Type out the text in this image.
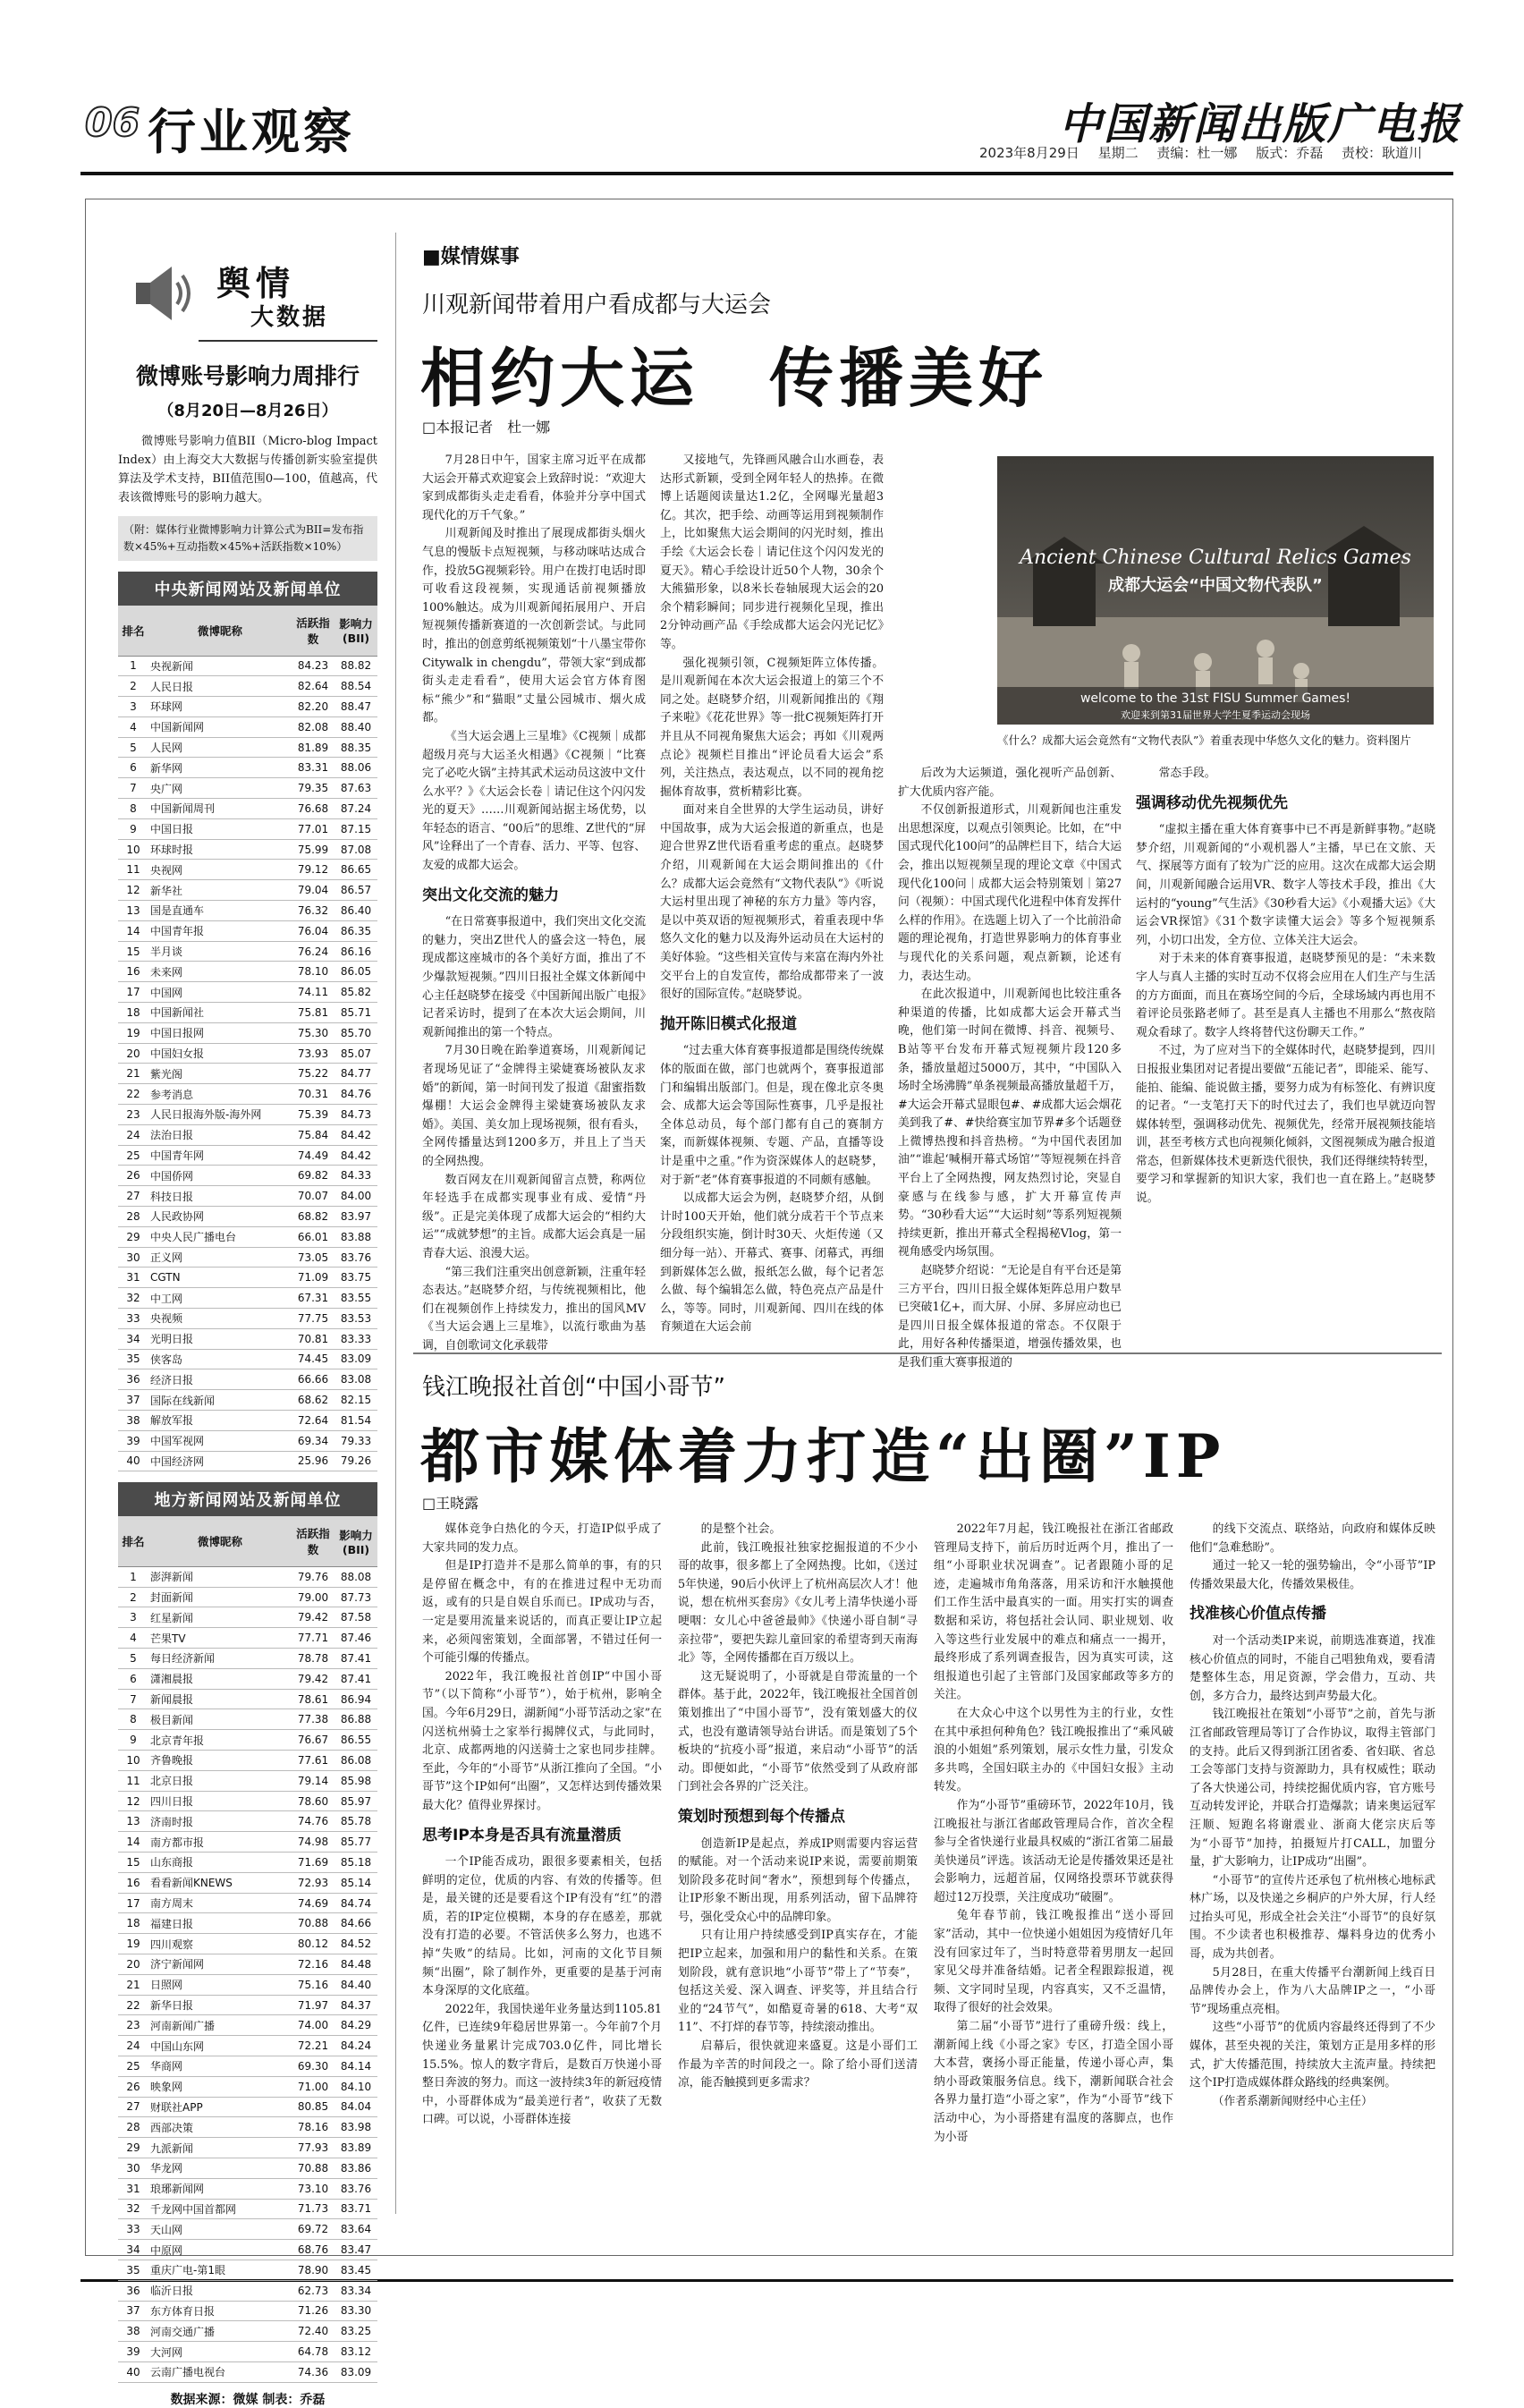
06 行业观察	中国新闻出版广电报
2023年8月29日 星期二 责编：杜一娜 版式：乔磊 责校：耿道川
舆情
大数据
微博账号影响力周排行
（8月20日—8月26日）
微博账号影响力值BII（Micro-blog Impact Index）由上海交大大数据与传播创新实验室提供算法及学术支持，BII值范围0—100，值越高，代表该微博账号的影响力越大。
（附：媒体行业微博影响力计算公式为BII=发布指数×45%+互动指数×45%+活跃指数×10%）
中央新闻网站及新闻单位
排名	微博昵称	活跃指数	影响力(BII)
1	央视新闻	84.23	88.82
2	人民日报	82.64	88.54
3	环球网	82.20	88.47
4	中国新闻网	82.08	88.40
5	人民网	81.89	88.35
6	新华网	83.31	88.06
7	央广网	79.35	87.63
8	中国新闻周刊	76.68	87.24
9	中国日报	77.01	87.15
10	环球时报	75.99	87.08
11	央视网	79.12	86.65
12	新华社	79.04	86.57
13	国是直通车	76.32	86.40
14	中国青年报	76.04	86.35
15	半月谈	76.24	86.16
16	未来网	78.10	86.05
17	中国网	74.11	85.82
18	中国新闻社	75.81	85.71
19	中国日报网	75.30	85.70
20	中国妇女报	73.93	85.07
21	紫光阁	75.22	84.77
22	参考消息	70.31	84.76
23	人民日报海外版-海外网	75.39	84.73
24	法治日报	75.84	84.42
25	中国青年网	74.49	84.42
26	中国侨网	69.82	84.33
27	科技日报	70.07	84.00
28	人民政协网	68.82	83.97
29	中央人民广播电台	66.01	83.88
30	正义网	73.05	83.76
31	CGTN	71.09	83.75
32	中工网	67.31	83.55
33	央视频	77.75	83.53
34	光明日报	70.81	83.33
35	侠客岛	74.45	83.09
36	经济日报	66.66	83.08
37	国际在线新闻	68.62	82.15
38	解放军报	72.64	81.54
39	中国军视网	69.34	79.33
40	中国经济网	25.96	79.26
地方新闻网站及新闻单位
排名	微博昵称	活跃指数	影响力(BII)
1	澎湃新闻	79.76	88.08
2	封面新闻	79.00	87.73
3	红星新闻	79.42	87.58
4	芒果TV	77.71	87.46
5	每日经济新闻	78.78	87.41
6	潇湘晨报	79.42	87.41
7	新闻晨报	78.61	86.94
8	极目新闻	77.38	86.88
9	北京青年报	76.67	86.55
10	齐鲁晚报	77.61	86.08
11	北京日报	79.14	85.98
12	四川日报	78.60	85.97
13	济南时报	74.76	85.78
14	南方都市报	74.98	85.77
15	山东商报	71.69	85.18
16	看看新闻KNEWS	72.93	85.14
17	南方周末	74.69	84.74
18	福建日报	70.88	84.66
19	四川观察	80.12	84.52
20	济宁新闻网	72.16	84.48
21	日照网	75.16	84.40
22	新华日报	71.97	84.37
23	河南新闻广播	74.00	84.29
24	中国山东网	72.21	84.24
25	华商网	69.30	84.14
26	映象网	71.00	84.10
27	财联社APP	80.85	84.04
28	西部决策	78.16	83.98
29	九派新闻	77.93	83.89
30	华龙网	70.88	83.86
31	琅琊新闻网	73.10	83.76
32	千龙网中国首都网	71.73	83.71
33	天山网	69.72	83.64
34	中原网	68.76	83.47
35	重庆广电-第1眼	78.90	83.45
36	临沂日报	62.73	83.34
37	东方体育日报	71.26	83.30
38	河南交通广播	72.40	83.25
39	大河网	64.78	83.12
40	云南广播电视台	74.36	83.09
数据来源：微媒 制表：乔磊
■媒情媒事
川观新闻带着用户看成都与大运会
相约大运　传播美好
□本报记者　杜一娜

7月28日中午，国家主席习近平在成都大运会开幕式欢迎宴会上致辞时说：“欢迎大家到成都街头走走看看，体验并分享中国式现代化的万千气象。”

川观新闻及时推出了展现成都街头烟火气息的慢版卡点短视频，与移动咪咕达成合作，投放5G视频彩铃。用户在拨打电话时即可收看这段视频，实现通话前视频播放100%触达。成为川观新闻拓展用户、开启短视频传播新赛道的一次创新尝试。与此同时，推出的创意剪纸视频策划“十八墨宝带你Citywalk in chengdu”，带领大家“到成都街头走走看看”，使用大运会官方体育图标“熊少”和“猫眼”丈量公园城市、烟火成都。

《当大运会遇上三星堆》《C视频｜成都超级月亮与大运圣火相遇》《C视频｜“比赛完了必吃火锅”主持其武术运动员这波中文什么水平？》《大运会长卷｜请记住这个闪闪发光的夏天》……川观新闻站据主场优势，以年轻态的语言、“00后”的思维、Z世代的“屏风”诠释出了一个青春、活力、平等、包容、友爱的成都大运会。

突出文化交流的魅力

“在日常赛事报道中，我们突出文化交流的魅力，突出Z世代人的盛会这一特色，展现成都这座城市的各个美好方面，推出了不少爆款短视频。”四川日报社全媒文体新闻中心主任赵晓梦在接受《中国新闻出版广电报》记者采访时，提到了在本次大运会期间，川观新闻推出的第一个特点。

7月30日晚在跆拳道赛场，川观新闻记者现场见证了“金牌得主梁婕赛场被队友求婚”的新闻，第一时间刊发了报道《甜蜜指数爆棚！大运会金牌得主梁婕赛场被队友求婚》。美国、美女加上现场视频，很有看头，全网传播量达到1200多万，并且上了当天的全网热搜。

数百网友在川观新闻留言点赞，称两位年轻选手在成都实现事业有成、爱情“丹级”。正是完美体现了成都大运会的“相约大运”“成就梦想”的主旨。成都大运会真是一届青春大运、浪漫大运。

“第三我们注重突出创意新颖，注重年轻态表达。”赵晓梦介绍，与传统视频相比，他们在视频创作上持续发力，推出的国风MV《当大运会遇上三星堆》，以流行歌曲为基调，自创歌词文化承载带

又接地气，先锋画风融合山水画卷，表达形式新颖，受到全网年轻人的热捧。在微博上话题阅读量达1.2亿，全网曝光量超3亿。其次，把手绘、动画等运用到视频制作上，比如聚焦大运会期间的闪光时刻，推出手绘《大运会长卷｜请记住这个闪闪发光的夏天》。精心手绘设计近50个人物，30余个大熊猫形象，以8米长卷轴展现大运会的20余个精彩瞬间；同步进行视频化呈现，推出2分钟动画产品《手绘成都大运会闪光记忆》等。

强化视频引领，C视频矩阵立体传播。是川观新闻在本次大运会报道上的第三个不同之处。赵晓梦介绍，川观新闻推出的《翔子来啦》《花花世界》等一批C视频矩阵打开并且从不同视角聚焦大运会；再如《川观两点论》视频栏目推出“评论员看大运会”系列，关注热点，表达观点，以不同的视角挖掘体育故事，赏析精彩比赛。

面对来自全世界的大学生运动员，讲好中国故事，成为大运会报道的新重点，也是迎合世界Z世代语看重考虑的重点。赵晓梦介绍，川观新闻在大运会期间推出的《什么？成都大运会竟然有“文物代表队”》《听说大运村里出现了神秘的东方力量》等内容，是以中英双语的短视频形式，着重表现中华悠久文化的魅力以及海外运动员在大运村的美好体验。“这些相关宣传与来富在海内外社交平台上的自发宣传，都给成都带来了一波很好的国际宣传。”赵晓梦说。

抛开陈旧模式化报道

“过去重大体育赛事报道都是围绕传统媒体的版面在做，部门也就两个，赛事报道部门和编辑出版部门。但是，现在像北京冬奥会、成都大运会等国际性赛事，几乎是报社全体总动员，每个部门都有自己的赛制方案，而新媒体视频、专题、产品，直播等设计是重中之重。”作为资深媒体人的赵晓梦，对于新“老”体育赛事报道的不同颇有感触。

以成都大运会为例，赵晓梦介绍，从倒计时100天开始，他们就分成若干个节点来分段组织实施，倒计时30天、火炬传递（又细分每一站）、开幕式、赛事、闭幕式，再细到新媒体怎么做，报纸怎么做，每个记者怎么做、每个编辑怎么做，特色亮点产品是什么，等等。同时，川观新闻、四川在线的体育频道在大运会前

Ancient Chinese Cultural Relics Games
成都大运会“中国文物代表队”
welcome to the 31st FISU Summer Games!
欢迎来到第31届世界大学生夏季运动会现场
《什么？成都大运会竟然有“文物代表队”》着重表现中华悠久文化的魅力。资料图片

后改为大运频道，强化视听产品创新、扩大优质内容产能。

不仅创新报道形式，川观新闻也注重发出思想深度，以观点引领舆论。比如，在“中国式现代化100问”的品牌栏目下，结合大运会，推出以短视频呈现的理论文章《中国式现代化100问｜成都大运会特别策划｜第27问（视频）：中国式现代化进程中体育发挥什么样的作用》。在选题上切入了一个比前沿命题的理论视角，打造世界影响力的体育事业与现代化的关系问题，观点新颖，论述有力，表达生动。

在此次报道中，川观新闻也比较注重各种渠道的传播，比如成都大运会开幕式当晚，他们第一时间在微博、抖音、视频号、B站等平台发布开幕式短视频片段120多条，播放量超过5000万，其中，“中国队入场时全场沸腾”单条视频最高播放量超千万，#大运会开幕式显眼包#、#成都大运会烟花美到我了#、#快给赛宝加节界#多个话题登上微博热搜和抖音热榜。“为中国代表团加油”“谁起‘喊桐开幕式场馆’”等短视频在抖音平台上了全网热搜，网友热烈讨论，突显自豪感与在线参与感，扩大开幕宣传声势。“30秒看大运”“大运时刻”等系列短视频持续更新，推出开幕式全程揭秘Vlog，第一视角感受内场氛围。

赵晓梦介绍说：“无论是自有平台还是第三方平台，四川日报全媒体矩阵总用户数早已突破1亿+，而大屏、小屏、多屏应动也已是四川日报全媒体报道的常态。不仅限于此，用好各种传播渠道，增强传播效果，也是我们重大赛事报道的

常态手段。

强调移动优先视频优先

“虚拟主播在重大体育赛事中已不再是新鲜事物。”赵晓梦介绍，川观新闻的“小观机器人”主播，早已在文旅、天气、探展等方面有了较为广泛的应用。这次在成都大运会期间，川观新闻融合运用VR、数字人等技术手段，推出《大运村的“young”气生活》《30秒看大运》《小观播大运》《大运会VR探馆》《31个数字读懂大运会》等多个短视频系列，小切口出发，全方位、立体关注大运会。

对于未来的体育赛事报道，赵晓梦预见的是：“未来数字人与真人主播的实时互动不仅将会应用在人们生产与生活的方方面面，而且在赛场空间的今后，全球场域内再也用不着评论员张路老师了。甚至是真人主播也不用那么“熬夜陪观众看球了。数字人终将替代这份聊天工作。”

不过，为了应对当下的全媒体时代，赵晓梦提到，四川日报报业集团对记者提出要做“五能记者”，即能采、能写、能拍、能编、能说做主播，要努力成为有标签化、有辨识度的记者。“一支笔打天下的时代过去了，我们也早就迈向智媒体转型，强调移动优先、视频优先，经常开展视频技能培训，甚至考核方式也向视频化倾斜，文图视频成为融合报道常态，但新媒体技术更新迭代很快，我们还得继续特转型，要学习和掌握新的知识大家，我们也一直在路上。”赵晓梦说。

钱江晚报社首创“中国小哥节”
都市媒体着力打造“出圈”IP
□王晓露

媒体竞争白热化的今天，打造IP似乎成了大家共同的发力点。

但是IP打造并不是那么简单的事，有的只是停留在概念中，有的在推进过程中无功而返，或有的只是自娱自乐而已。IP成功与否，一定是要用流量来说话的，而真正要让IP立起来，必须闯密策划，全面部署，不错过任何一个可能引爆的传播点。

2022年，我江晚报社首创IP“中国小哥节”（以下简称“小哥节”），始于杭州，影响全国。今年6月29日，湖新闻“小哥节活动之家”在闪送杭州骑士之家举行揭牌仪式，与此同时，北京、成都两地的闪送骑士之家也同步挂牌。至此，今年的“小哥节”从浙江推向了全国。“小哥节”这个IP如何“出圈”，又怎样达到传播效果最大化？值得业界探讨。

思考IP本身是否具有流量潜质

一个IP能否成功，跟很多要素相关，包括鲜明的定位，优质的内容、有效的传播等。但是，最关键的还是要看这个IP有没有“红”的潜质，若的IP定位模糊，本身的存在感差，那就没有打造的必要。不管活侠多么努力，也逃不掉“失败”的结局。比如，河南的文化节目频频“出圈”，除了制作外，更重要的是基于河南本身深厚的文化底蕴。

2022年，我国快递年业务量达到1105.81亿件，已连续9年稳居世界第一。今年前7个月快递业务量累计完成703.0亿件，同比增长15.5%。惊人的数字背后，是数百万快递小哥整日奔波的努力。而这一波持续3年的新冠疫情中，小哥群体成为“最美逆行者”，收获了无数口碑。可以说，小哥群体连接

的是整个社会。

此前，钱江晚报社独家挖掘报道的不少小哥的故事，很多都上了全网热搜。比如，《送过5年快递，90后小伙评上了杭州高层次人才！他说，想在杭州买套房》《女儿考上清华快递小哥哽咽：女儿心中爸爸最帅》《快递小哥自制“寻亲拉带”，要把失踪儿童回家的希望寄到天南海北》等，全网传播都在百万级以上。

这无疑说明了，小哥就是自带流量的一个群体。基于此，2022年，钱江晚报社全国首创策划推出了“中国小哥节”，没有策划盛大的仪式，也没有邀请领导站台讲话。而是策划了5个板块的“抗疫小哥”报道，来启动“小哥节”的活动。即便如此，“小哥节”依然受到了从政府部门到社会各界的广泛关注。

策划时预想到每个传播点

创造新IP是起点，养成IP则需要内容运营的赋能。对一个活动来说IP来说，需要前期策划阶段多花时间“奢水”，预想到每个传播点，让IP形象不断出现，用系列活动，留下品牌符号，强化受众心中的品牌印象。

只有让用户持续感受到IP真实存在，才能把IP立起来，加强和用户的黏性和关系。在策划阶段，就有意识地“小哥节”带上了“节奏”，包括这关爱、深入调查、评奖等，并且结合行业的“24节气”，如酷夏奇暑的618、大考“双11”、不打烊的春节等，持续滚动推出。

启幕后，很快就迎来盛夏。这是小哥们工作最为辛苦的时间段之一。除了给小哥们送清凉，能否触摸到更多需求？

2022年7月起，钱江晚报社在浙江省邮政管理局支持下，前后历时近两个月，推出了一组“小哥职业状况调查”。记者跟随小哥的足迹，走遍城市角角落落，用采访和汗水触摸他们工作生活中最真实的一面。用实打实的调查数据和采访，将包括社会认同、职业规划、收入等这些行业发展中的难点和痛点一一揭开，最终形成了系列调查报告，因为真实可读，这组报道也引起了主管部门及国家邮政等多方的关注。

在大众心中这个以男性为主的行业，女性在其中承担何种角色？钱江晚报推出了“乘风破浪的小姐姐”系列策划，展示女性力量，引发众多共鸣，全国妇联主办的《中国妇女报》主动转发。

作为“小哥节”重磅环节，2022年10月，钱江晚报社与浙江省邮政管理局合作，首次全程参与全省快递行业最具权威的“浙江省第二届最美快递员”评选。该活动无论是传播效果还是社会影响力，远超首届，仅网络投票环节就获得超过12万投票，关注度成功“破圈”。

兔年春节前，钱江晚报推出“送小哥回家”活动，其中一位快递小姐姐因为疫情好几年没有回家过年了，当时特意带着男朋友一起回家见父母并准备结婚。记者全程跟踪报道，视频、文字同时呈现，内容真实，又不乏温情，取得了很好的社会效果。

第二届“小哥节”进行了重磅升级：线上，潮新闻上线《小哥之家》专区，打造全国小哥大本营，褒扬小哥正能量，传递小哥心声，集纳小哥政策服务信息。线下，潮新闻联合社会各界力量打造“小哥之家”，作为“小哥节”线下活动中心，为小哥搭建有温度的落脚点，也作为小哥

的线下交流点、联络站，向政府和媒体反映他们“急难愁盼”。

通过一轮又一轮的强势输出，令“小哥节”IP传播效果最大化，传播效果极佳。

找准核心价值点传播

对一个活动类IP来说，前期选准赛道，找准核心价值点的同时，不能自己唱独角戏，要看清楚整体生态，用足资源，学会借力，互动、共创，多方合力，最终达到声势最大化。

钱江晚报社在策划“小哥节”之前，首先与浙江省邮政管理局等订了合作协议，取得主管部门的支持。此后又得到浙江团省委、省妇联、省总工会等部门支持与资源助力，具有权威性；联动了各大快递公司，持续挖掘优质内容，官方账号互动转发评论，并联合打造爆款；请来奥运冠军汪顺、短跑名将谢震业、浙商大佬宗庆后等为“小哥节”加持，拍摄短片打CALL，加盟分量，扩大影响力，让IP成功“出圈”。

“小哥节”的宣传片还承包了杭州核心地标武林广场，以及快递之乡桐庐的户外大屏，行人经过抬头可见，形成全社会关注“小哥节”的良好氛围。不少读者也积极推荐、爆料身边的优秀小哥，成为共创者。

5月28日，在重大传播平台潮新闻上线百日品牌传办会上，作为八大品牌IP之一，“小哥节”现场重点亮相。

这些“小哥节”的优质内容最终还得到了不少媒体，甚至央视的关注，策划方正是用多样的形式，扩大传播范围，持续放大主流声量。持续把这个IP打造成媒体群众路线的经典案例。

（作者系潮新闻财经中心主任）
